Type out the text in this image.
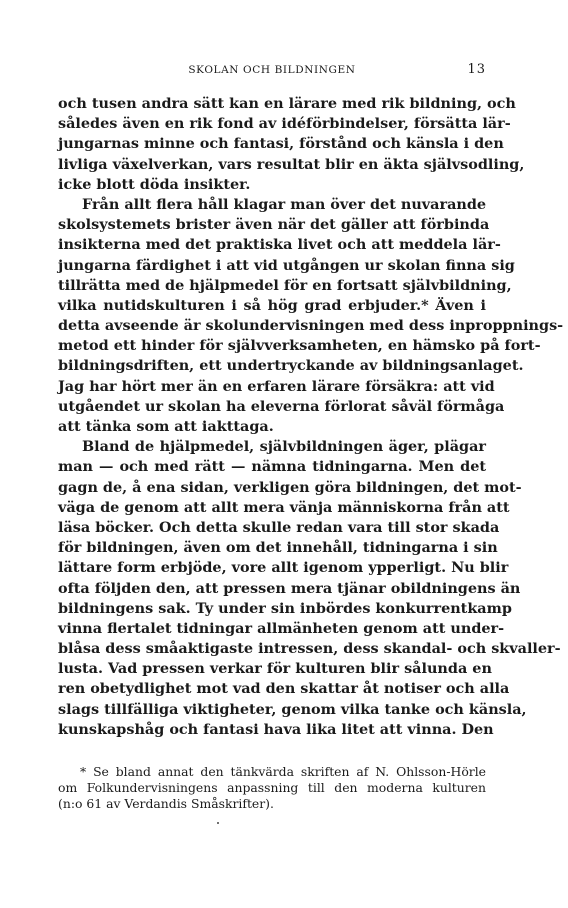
SKOLAN OCH BILDNINGEN	13
och tusen andra sätt kan en lärare med rik bildning, och
således även en rik fond av idéförbindelser, försätta lär-
jungarnas minne och fantasi, förstånd och känsla i den
livliga växelverkan, vars resultat blir en äkta självsodling,
icke blott döda insikter.
Från allt flera håll klagar man över det nuvarande
skolsystemets brister även när det gäller att förbinda
insikterna med det praktiska livet och att meddela lär-
jungarna färdighet i att vid utgången ur skolan finna sig
tillrätta med de hjälpmedel för en fortsatt självbildning,
vilka nutidskulturen i så hög grad erbjuder.* Även i
detta avseende är skolundervisningen med dess inproppnings-
metod ett hinder för självverksamheten, en hämsko på fort-
bildningsdriften, ett undertryckande av bildningsanlaget.
Jag har hört mer än en erfaren lärare försäkra: att vid
utgåendet ur skolan ha eleverna förlorat såväl förmåga
att tänka som att iakttaga.
Bland de hjälpmedel, självbildningen äger, plägar
man — och med rätt — nämna tidningarna. Men det
gagn de, å ena sidan, verkligen göra bildningen, det mot-
väga de genom att allt mera vänja människorna från att
läsa böcker. Och detta skulle redan vara till stor skada
för bildningen, även om det innehåll, tidningarna i sin
lättare form erbjöde, vore allt igenom ypperligt. Nu blir
ofta följden den, att pressen mera tjänar obildningens än
bildningens sak. Ty under sin inbördes konkurrentkamp
vinna flertalet tidningar allmänheten genom att under-
blåsa dess småaktigaste intressen, dess skandal- och skvaller-
lusta. Vad pressen verkar för kulturen blir sålunda en
ren obetydlighet mot vad den skattar åt notiser och alla
slags tillfälliga viktigheter, genom vilka tanke och känsla,
kunskapshåg och fantasi hava lika litet att vinna. Den
* Se bland annat den tänkvärda skriften af N. Ohlsson-Hörle
om Folkundervisningens anpassning till den moderna kulturen
(n:o 61 av Verdandis Småskrifter).
